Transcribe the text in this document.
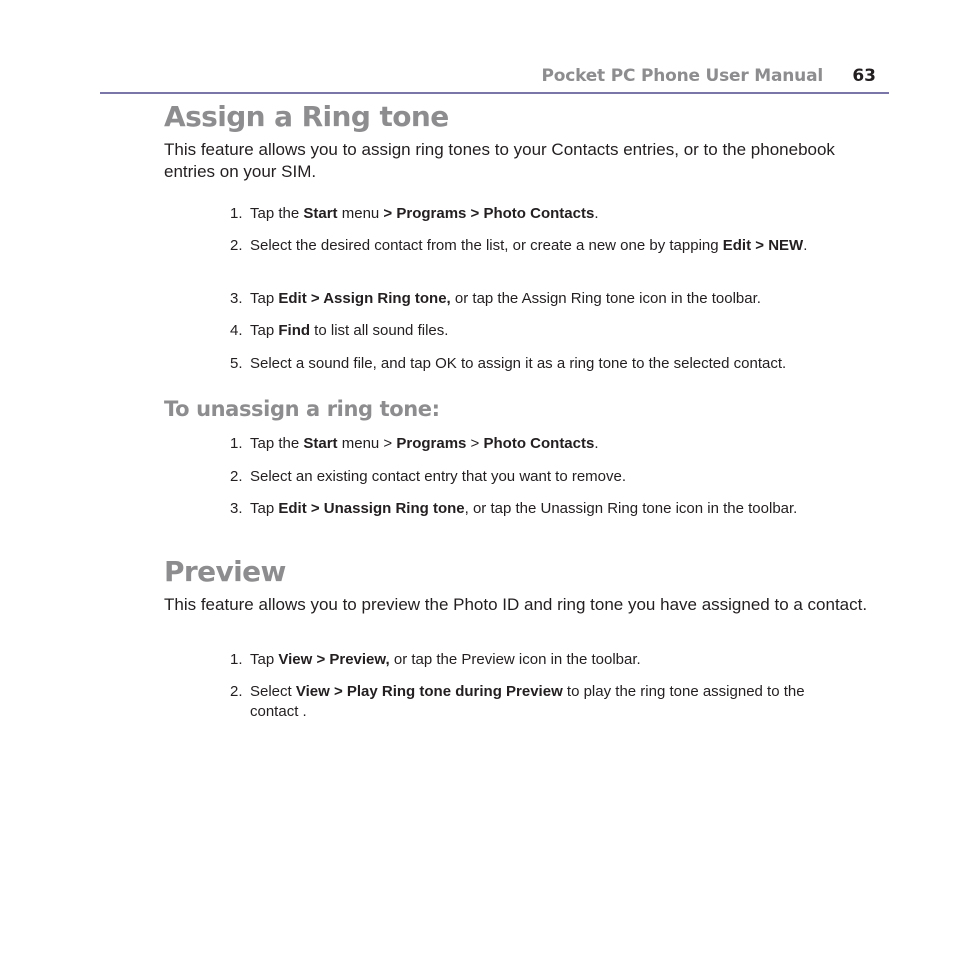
Pocket PC Phone User Manual 63
Assign a Ring tone

This feature allows you to assign ring tones to your Contacts entries, or to the phonebook entries on your SIM.

1. Tap the Start menu > Programs > Photo Contacts.
2. Select the desired contact from the list, or create a new one by tapping Edit > NEW.
3. Tap Edit > Assign Ring tone, or tap the Assign Ring tone icon in the toolbar.
4. Tap Find to list all sound files.
5. Select a sound file, and tap OK to assign it as a ring tone to the selected contact.
To unassign a ring tone:
1. Tap the Start menu > Programs > Photo Contacts.
2. Select an existing contact entry that you want to remove.
3. Tap Edit > Unassign Ring tone, or tap the Unassign Ring tone icon in the toolbar.
Preview

This feature allows you to preview the Photo ID and ring tone you have assigned to a contact.

1. Tap View > Preview, or tap the Preview icon in the toolbar.
2. Select View > Play Ring tone during Preview to play the ring tone assigned to the contact .
